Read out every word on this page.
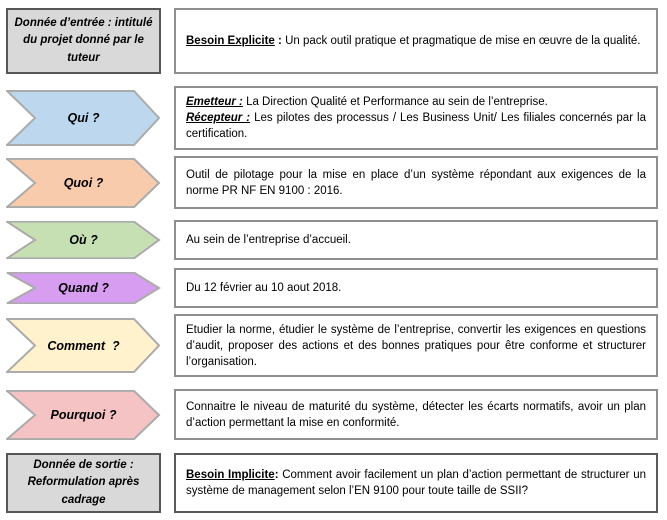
Donnée d’entrée : intitulé du projet donné par le tuteur
Besoin Explicite : Un pack outil pratique et pragmatique de mise en œuvre de la qualité.
Qui ?
Emetteur : La Direction Qualité et Performance au sein de l’entreprise.
Récepteur : Les pilotes des processus / Les Business Unit/ Les filiales concernés par la certification.
Quoi ?
Outil de pilotage pour la mise en place d’un système répondant aux exigences de la norme PR NF EN 9100 : 2016.
Où ?	Au sein de l’entreprise d’accueil.
Quand ?	Du 12 février au 10 aout 2018.
Comment  ?
Etudier la norme, étudier le système de l’entreprise, convertir les exigences en questions d’audit, proposer des actions et des bonnes pratiques pour être conforme et structurer l’organisation.
Pourquoi ?
Connaitre le niveau de maturité du système, détecter les écarts normatifs, avoir un plan d’action permettant la mise en conformité.
Donnée de sortie : Reformulation après cadrage
Besoin Implicite: Comment avoir facilement un plan d’action permettant de structurer un système de management selon l’EN 9100 pour toute taille de SSII?
